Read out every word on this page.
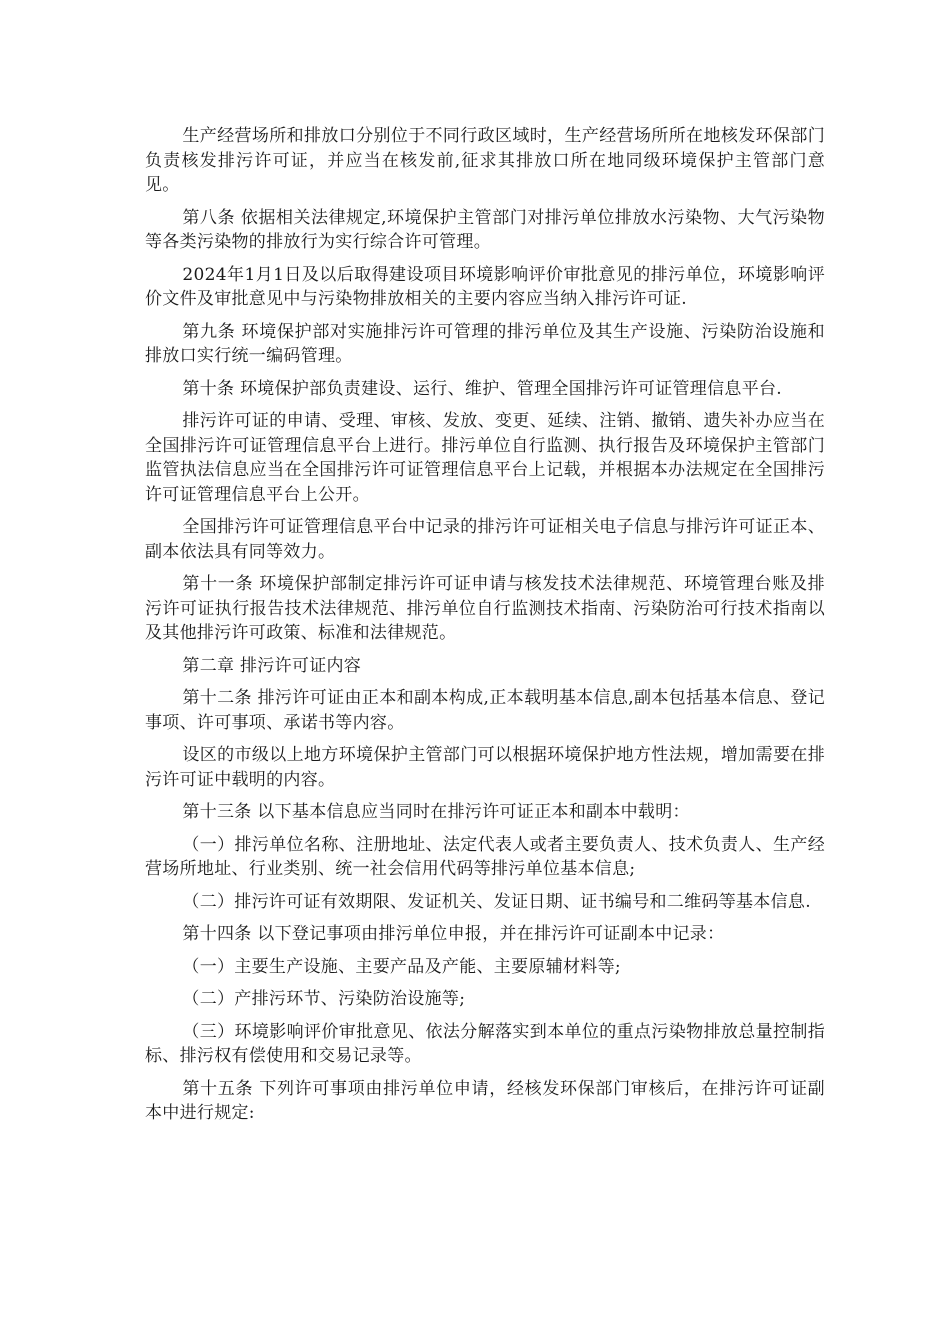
生产经营场所和排放口分别位于不同行政区域时，生产经营场所所在地核发环保部门负责核发排污许可证，并应当在核发前,征求其排放口所在地同级环境保护主管部门意见。

第八条 依据相关法律规定,环境保护主管部门对排污单位排放水污染物、大气污染物等各类污染物的排放行为实行综合许可管理。

2024年1月1日及以后取得建设项目环境影响评价审批意见的排污单位，环境影响评价文件及审批意见中与污染物排放相关的主要内容应当纳入排污许可证.

第九条 环境保护部对实施排污许可管理的排污单位及其生产设施、污染防治设施和排放口实行统一编码管理。

第十条 环境保护部负责建设、运行、维护、管理全国排污许可证管理信息平台.

排污许可证的申请、受理、审核、发放、变更、延续、注销、撤销、遗失补办应当在全国排污许可证管理信息平台上进行。排污单位自行监测、执行报告及环境保护主管部门监管执法信息应当在全国排污许可证管理信息平台上记载，并根据本办法规定在全国排污许可证管理信息平台上公开。

全国排污许可证管理信息平台中记录的排污许可证相关电子信息与排污许可证正本、副本依法具有同等效力。

第十一条 环境保护部制定排污许可证申请与核发技术法律规范、环境管理台账及排污许可证执行报告技术法律规范、排污单位自行监测技术指南、污染防治可行技术指南以及其他排污许可政策、标准和法律规范。

第二章 排污许可证内容

第十二条 排污许可证由正本和副本构成,正本载明基本信息,副本包括基本信息、登记事项、许可事项、承诺书等内容。

设区的市级以上地方环境保护主管部门可以根据环境保护地方性法规，增加需要在排污许可证中载明的内容。

第十三条 以下基本信息应当同时在排污许可证正本和副本中载明：

（一）排污单位名称、注册地址、法定代表人或者主要负责人、技术负责人、生产经营场所地址、行业类别、统一社会信用代码等排污单位基本信息;

（二）排污许可证有效期限、发证机关、发证日期、证书编号和二维码等基本信息.

第十四条 以下登记事项由排污单位申报，并在排污许可证副本中记录：

（一）主要生产设施、主要产品及产能、主要原辅材料等;

（二）产排污环节、污染防治设施等;

（三）环境影响评价审批意见、依法分解落实到本单位的重点污染物排放总量控制指标、排污权有偿使用和交易记录等。

第十五条 下列许可事项由排污单位申请，经核发环保部门审核后，在排污许可证副本中进行规定:
